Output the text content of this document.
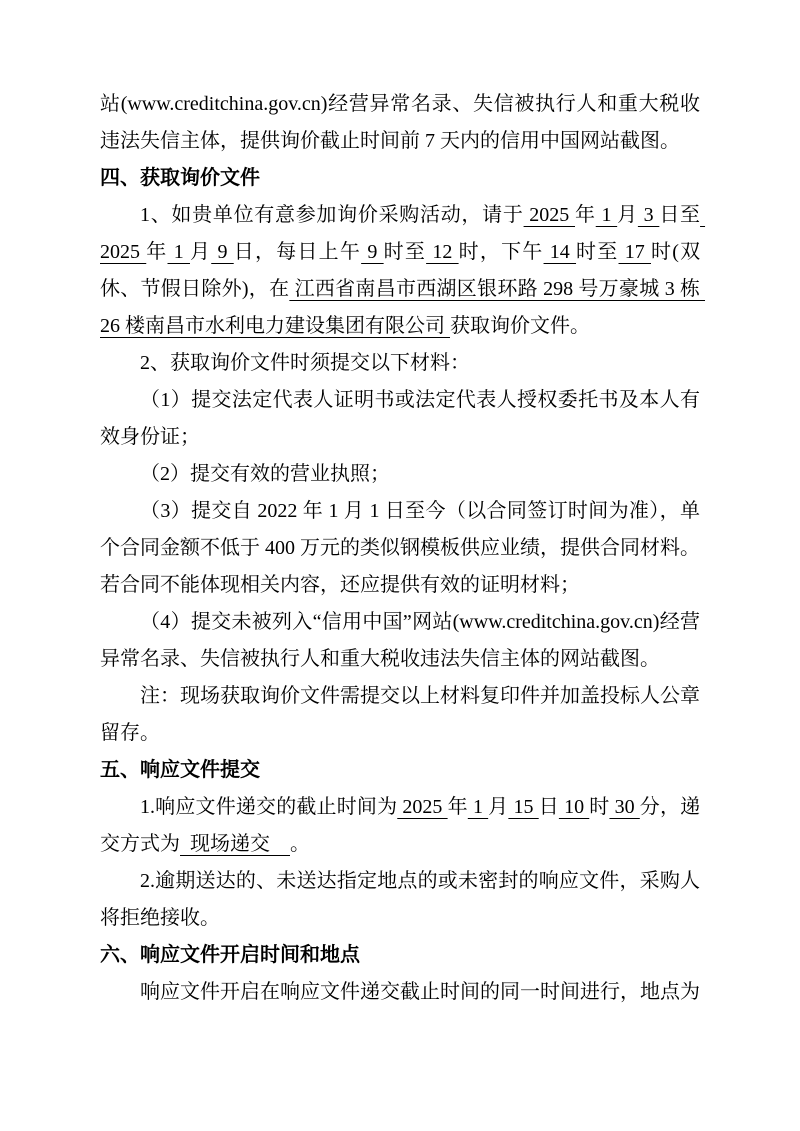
站(www.creditchina.gov.cn)经营异常名录、失信被执行人和重大税收违法失信主体，提供询价截止时间前 7 天内的信用中国网站截图。
四、获取询价文件
1、如贵单位有意参加询价采购活动，请于 2025 年 1 月 3 日至 2025 年 1 月 9 日，每日上午 9 时至 12 时，下午 14 时至 17 时(双休、节假日除外)，在 江西省南昌市西湖区银环路 298 号万豪城 3 栋 26 楼南昌市水利电力建设集团有限公司 获取询价文件。
2、获取询价文件时须提交以下材料：
（1）提交法定代表人证明书或法定代表人授权委托书及本人有效身份证；
（2）提交有效的营业执照；
（3）提交自 2022 年 1 月 1 日至今（以合同签订时间为准），单个合同金额不低于 400 万元的类似钢模板供应业绩，提供合同材料。若合同不能体现相关内容，还应提供有效的证明材料；
（4）提交未被列入“信用中国”网站(www.creditchina.gov.cn)经营异常名录、失信被执行人和重大税收违法失信主体的网站截图。
注：现场获取询价文件需提交以上材料复印件并加盖投标人公章留存。
五、响应文件提交
1.响应文件递交的截止时间为 2025 年 1 月 15 日 10 时 30 分，递交方式为  现场递交    。
2.逾期送达的、未送达指定地点的或未密封的响应文件，采购人将拒绝接收。
六、响应文件开启时间和地点
响应文件开启在响应文件递交截止时间的同一时间进行，地点为
